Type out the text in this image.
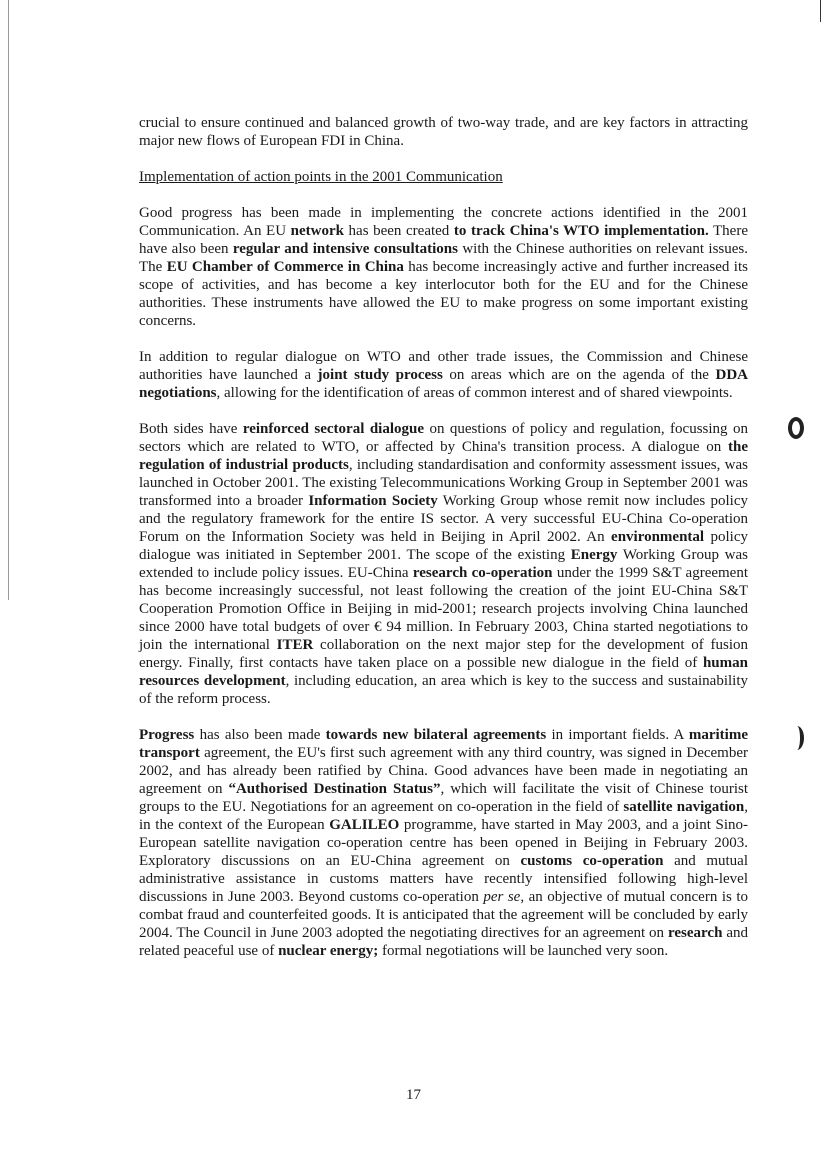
crucial to ensure continued and balanced growth of two-way trade, and are key factors in attracting major new flows of European FDI in China.

Implementation of action points in the 2001 Communication

Good progress has been made in implementing the concrete actions identified in the 2001 Communication. An EU network has been created to track China's WTO implementation. There have also been regular and intensive consultations with the Chinese authorities on relevant issues. The EU Chamber of Commerce in China has become increasingly active and further increased its scope of activities, and has become a key interlocutor both for the EU and for the Chinese authorities. These instruments have allowed the EU to make progress on some important existing concerns.

In addition to regular dialogue on WTO and other trade issues, the Commission and Chinese authorities have launched a joint study process on areas which are on the agenda of the DDA negotiations, allowing for the identification of areas of common interest and of shared viewpoints.

Both sides have reinforced sectoral dialogue on questions of policy and regulation, focussing on sectors which are related to WTO, or affected by China's transition process. A dialogue on the regulation of industrial products, including standardisation and conformity assessment issues, was launched in October 2001. The existing Telecommunications Working Group in September 2001 was transformed into a broader Information Society Working Group whose remit now includes policy and the regulatory framework for the entire IS sector. A very successful EU-China Co-operation Forum on the Information Society was held in Beijing in April 2002. An environmental policy dialogue was initiated in September 2001. The scope of the existing Energy Working Group was extended to include policy issues. EU-China research co-operation under the 1999 S&T agreement has become increasingly successful, not least following the creation of the joint EU-China S&T Cooperation Promotion Office in Beijing in mid-2001; research projects involving China launched since 2000 have total budgets of over € 94 million. In February 2003, China started negotiations to join the international ITER collaboration on the next major step for the development of fusion energy. Finally, first contacts have taken place on a possible new dialogue in the field of human resources development, including education, an area which is key to the success and sustainability of the reform process.

Progress has also been made towards new bilateral agreements in important fields. A maritime transport agreement, the EU's first such agreement with any third country, was signed in December 2002, and has already been ratified by China. Good advances have been made in negotiating an agreement on “Authorised Destination Status”, which will facilitate the visit of Chinese tourist groups to the EU. Negotiations for an agreement on co-operation in the field of satellite navigation, in the context of the European GALILEO programme, have started in May 2003, and a joint Sino-European satellite navigation co-operation centre has been opened in Beijing in February 2003. Exploratory discussions on an EU-China agreement on customs co-operation and mutual administrative assistance in customs matters have recently intensified following high-level discussions in June 2003. Beyond customs co-operation per se, an objective of mutual concern is to combat fraud and counterfeited goods. It is anticipated that the agreement will be concluded by early 2004. The Council in June 2003 adopted the negotiating directives for an agreement on research and related peaceful use of nuclear energy; formal negotiations will be launched very soon.

17
